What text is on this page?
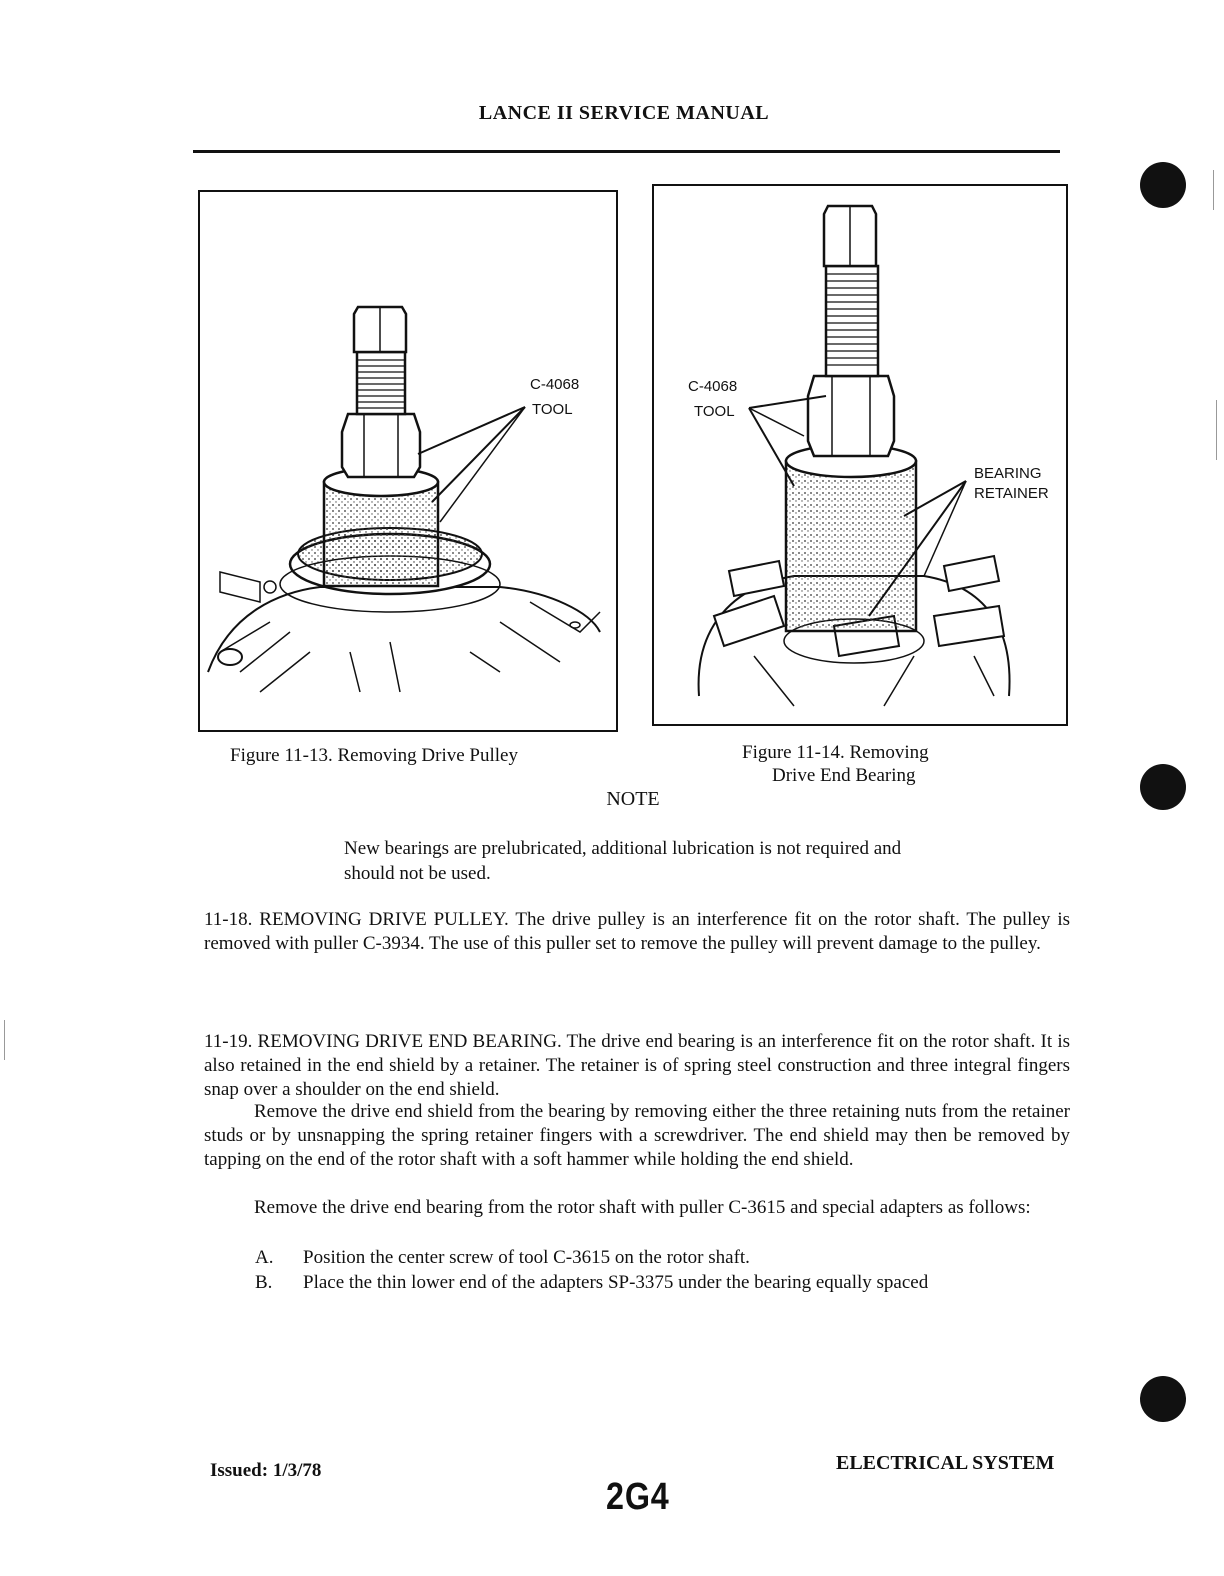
LANCE II SERVICE MANUAL
C-4068
TOOL
C-4068
TOOL
BEARING
RETAINER
Figure 11-13. Removing Drive Pulley	Figure 11-14. Removing
Drive End Bearing
NOTE
New bearings are prelubricated, additional lubrication is not required and should not be used.
11-18. REMOVING DRIVE PULLEY. The drive pulley is an interference fit on the rotor shaft. The pulley is removed with puller C-3934. The use of this puller set to remove the pulley will prevent damage to the pulley.
11-19. REMOVING DRIVE END BEARING. The drive end bearing is an interference fit on the rotor shaft. It is also retained in the end shield by a retainer. The retainer is of spring steel construction and three integral fingers snap over a shoulder on the end shield.
Remove the drive end shield from the bearing by removing either the three retaining nuts from the retainer studs or by unsnapping the spring retainer fingers with a screwdriver. The end shield may then be removed by tapping on the end of the rotor shaft with a soft hammer while holding the end shield.
Remove the drive end bearing from the rotor shaft with puller C-3615 and special adapters as follows:
A. Position the center screw of tool C-3615 on the rotor shaft.
B. Place the thin lower end of the adapters SP-3375 under the bearing equally spaced
Issued: 1/3/78
2G4
ELECTRICAL SYSTEM
